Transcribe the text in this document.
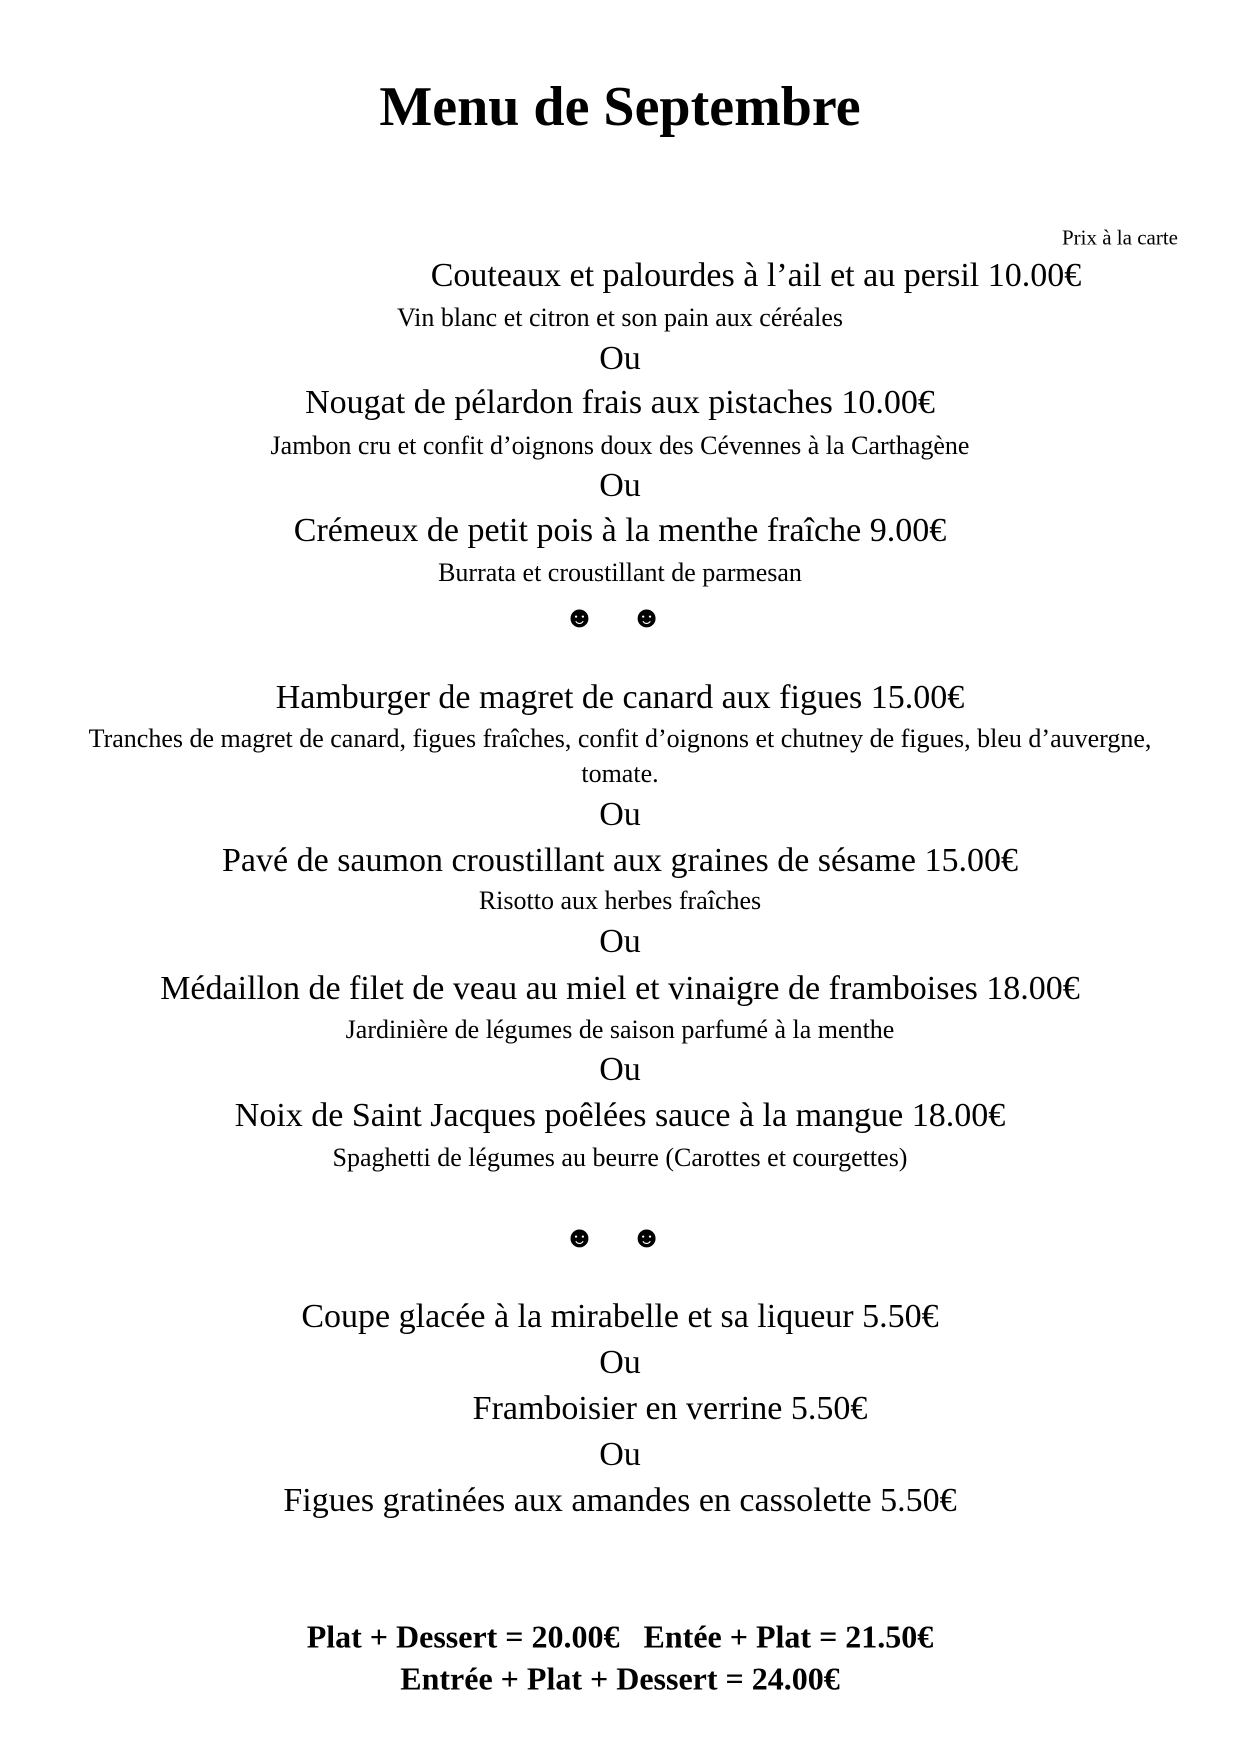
Menu de Septembre
Prix à la carte
Couteaux et palourdes à l’ail et au persil 10.00€
Vin blanc et citron et son pain aux céréales
Ou
Nougat de pélardon frais aux pistaches 10.00€
Jambon cru et confit d’oignons doux des Cévennes à la Carthagène
Ou
Crémeux de petit pois à la menthe fraîche 9.00€
Burrata et croustillant de parmesan
☻ ☻
Hamburger de magret de canard aux figues 15.00€
Tranches de magret de canard, figues fraîches, confit d’oignons et chutney de figues, bleu d’auvergne, tomate.
Ou
Pavé de saumon croustillant aux graines de sésame 15.00€
Risotto aux herbes fraîches
Ou
Médaillon de filet de veau au miel et vinaigre de framboises 18.00€
Jardinière de légumes de saison parfumé à la menthe
Ou
Noix de Saint Jacques poêlées sauce à la mangue 18.00€
Spaghetti de légumes au beurre (Carottes et courgettes)
☻ ☻
Coupe glacée à la mirabelle et sa liqueur 5.50€
Ou
Framboisier en verrine 5.50€
Ou
Figues gratinées aux amandes en cassolette 5.50€
Plat + Dessert = 20.00€   Entée + Plat = 21.50€
Entrée + Plat + Dessert = 24.00€
